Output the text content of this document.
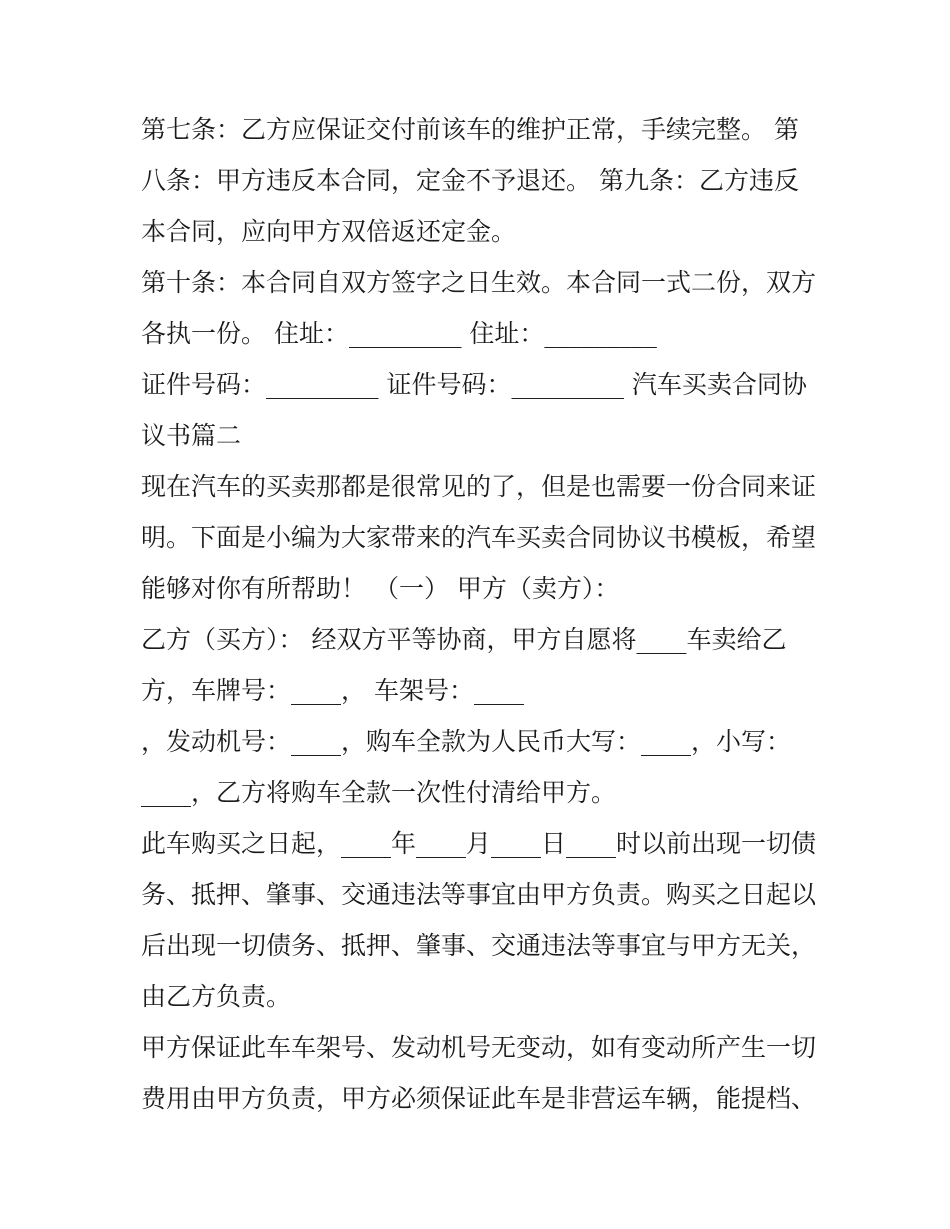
第七条：乙方应保证交付前该车的维护正常，手续完整。 第
八条：甲方违反本合同，定金不予退还。 第九条：乙方违反
本合同，应向甲方双倍返还定金。
第十条：本合同自双方签字之日生效。本合同一式二份，双方
各执一份。 住址：_________ 住址：_________
证件号码：_________ 证件号码：_________ 汽车买卖合同协
议书篇二
现在汽车的买卖那都是很常见的了，但是也需要一份合同来证
明。下面是小编为大家带来的汽车买卖合同协议书模板，希望
能够对你有所帮助！ （一） 甲方（卖方）：
乙方（买方）： 经双方平等协商，甲方自愿将____车卖给乙
方，车牌号：____， 车架号：____
，发动机号：____，购车全款为人民币大写：____，小写：
____，乙方将购车全款一次性付清给甲方。
此车购买之日起，____年____月____日____时以前出现一切债
务、抵押、肇事、交通违法等事宜由甲方负责。购买之日起以
后出现一切债务、抵押、肇事、交通违法等事宜与甲方无关，
由乙方负责。
甲方保证此车车架号、发动机号无变动，如有变动所产生一切
费用由甲方负责，甲方必须保证此车是非营运车辆，能提档、
